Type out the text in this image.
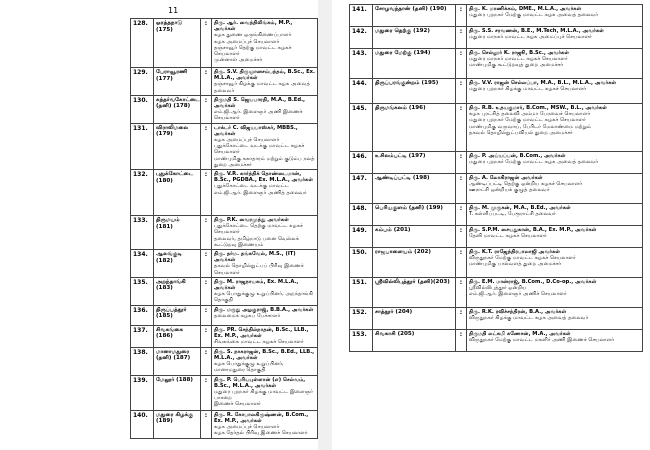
11
128.	ஒரத்தநாடு (175)	:	திரு. ஆர். வைத்திலிங்கம், M.P., அவர்கள்
கழக துணை ஒருங்கிணைப்பாளர்
கழக அமைப்புச் செயலாளர்
தஞ்சாவூர் தெற்கு மாவட்ட கழகச் செயலாளர்
முன்னாள் அமைச்சர்

129.	பேராவூரணி (177)	:	திரு. S.V. திருஞானசம்பந்தம், B.Sc., Ex. M.L.A., அவர்கள்
தஞ்சாவூர் கிழக்கு மாவட்ட கழக அவைத் தலைவர்

130.	கந்தர்வகோட்டை (தனி) (178)	:	திருமதி S. ஜெயபாரதி, M.A., B.Ed., அவர்கள்
எம்.ஜி.ஆர். இளைஞர் அணி இணைச் செயலாளர்

131.	விராலிமலை (179)	:	டாக்டர் C. விஜயபாஸ்கர், MBBS., அவர்கள்
கழக அமைப்புச் செயலாளர்
புதுக்கோட்டை வடக்கு மாவட்ட கழகச் செயலாளர்
மாண்புமிகு சுகாதாரம் மற்றும் குடும்ப நலத் துறை அமைச்சர்

132.	புதுக்கோட்டை (180)	:	திரு. V.R. கார்த்திக் தொண்டைமான், B.Sc., PGDBA., Ex. M.L.A., அவர்கள்
புதுக்கோட்டை வடக்கு மாவட்ட எம்.ஜி.ஆர். இளைஞர் அணித் தலைவர்

133.	திருமயம் (181)	:	திரு. P.K. வைரமுத்து அவர்கள்
புதுக்கோட்டை தெற்கு மாவட்ட கழகச் செயலாளர்
தலைவர், தமிழ்நாடு பனை வெல்லக் கூட்டுறவு இணையம்

134.	ஆலங்குடி (182)	:	திரு. தர்ம. தங்கவேல், M.S., (IT) அவர்கள்
தகவல் தொழில்நுட்பப் பிரிவு இணைச் செயலாளர்

135.	அறந்தாங்கி (183)	:	திரு. M. ராஜநாயகம், Ex. M.L.A., அவர்கள்
கழக பொதுக்குழு உறுப்பினர், அறந்தாங்கி தொகுதி

136.	திருப்பத்தூர் (185)	:	திரு. மருது அழகுராஜ், B.B.A., அவர்கள்
தலைமைக் கழகப் பேச்சாளர்

137.	சிவகங்கை (186)	:	திரு. PR. செந்தில்நாதன், B.Sc., LLB., Ex. M.P., அவர்கள்
சிவகங்கை மாவட்ட கழகச் செயலாளர்

138.	மானாமதுரை (தனி) (187)	:	திரு. S. நாகராஜன், B.Sc., B.Ed., LLB., M.L.A., அவர்கள்
கழக பொதுக்குழு உறுப்பினர், மானாமதுரை தொகுதி

139.	மேலூர் (188)	:	திரு. P. பெரியபுள்ளான் (எ) செல்வம், B.Sc., M.L.A., அவர்கள்
மதுரை புறநகர் கிழக்கு மாவட்ட இளைஞர் பாசறை
இணைச் செயலாளர்

140.	மதுரை கிழக்கு (189)	:	திரு. R. கோபாலகிருஷ்ணன், B.Com., Ex. M.P., அவர்கள்
கழக அமைப்புச் செயலாளர்
கழக தேர்தல் பிரிவு இணைச் செயலாளர்
141.	சோழவந்தான் (தனி) (190)	:	திரு. K. மாணிக்கம், DME., M.L.A., அவர்கள்
மதுரை புறநகர் மேற்கு மாவட்ட கழக அவைத் தலைவர்

142.	மதுரை தெற்கு (192)	:	திரு. S.S. சரவணன், B.E., M.Tech, M.L.A., அவர்கள்
மதுரை மாநகர் மாவட்ட கழக அமைப்புச் செயலாளர்

143.	மதுரை மேற்கு (194)	:	திரு. செல்லூர் K. ராஜூ, B.Sc., அவர்கள்
மதுரை மாநகர் மாவட்ட கழகச் செயலாளர்
மாண்புமிகு கூட்டுறவுத் துறை அமைச்சர்

144.	திருப்பரங்குன்றம் (195)	:	திரு. V.V. ராஜன் செல்லப்பா, M.A., B.L., M.L.A., அவர்கள்
மதுரை புறநகர் கிழக்கு மாவட்ட கழகச் செயலாளர்

145.	திருமங்கலம் (196)	:	திரு. R.B. உதயகுமார், B.Com., MSW., B.L., அவர்கள்
கழக புரட்சித் தலைவி அம்மா பேரவைச் செயலாளர்
மதுரை புறநகர் மேற்கு மாவட்ட கழகச் செயலாளர்
மாண்புமிகு வருவாய், பேரிடர் மேலாண்மை மற்றும்
தகவல் தொழில்நுட்பவியல் துறை அமைச்சர்

146.	உசிலம்பட்டி (197)	:	திரு. P. அய்யப்பன், B.Com., அவர்கள்
மதுரை புறநகர் மேற்கு மாவட்ட கழக அவைத் தலைவர்

147.	ஆண்டிப்பட்டி (198)	:	திரு. A. லோகிராஜன் அவர்கள்
ஆண்டிப்பட்டி தெற்கு ஒன்றிய கழகச் செயலாளர்
ஊராட்சி ஒன்றியக் குழுத் தலைவர்

148.	பெரியகுளம் (தனி) (199)	:	திரு. M. முருகன், M.A., B.Ed., அவர்கள்
T. கள்ளிப்பட்டி, பேரூராட்சி தலைவர்

149.	கம்பம் (201)	:	திரு. S.P.M. சையதுகான், B.A., Ex. M.P., அவர்கள்
தேனி மாவட்ட கழகச் செயலாளர்

150.	ராஜபாளையம் (202)	:	திரு. K.T. ராஜேந்திரபாலாஜி அவர்கள்
விருதுநகர் மேற்கு மாவட்ட கழகச் செயலாளர்
மாண்புமிகு பால்வளத் துறை அமைச்சர்

151.	ஸ்ரீவில்லிபுத்தூர் (தனி)(203)	:	திரு. E.M. மான்ராஜ், B.Com., D.Co-op., அவர்கள்
ஸ்ரீவில்லிபுத்தூர் ஒன்றிய
எம்.ஜி.ஆர். இளைஞர் அணிச் செயலாளர்

152.	சாத்தூர் (204)	:	திரு. R.K. ரவிச்சந்திரன், B.A., அவர்கள்
விருதுநகர் கிழக்கு மாவட்ட கழக அவைத் தலைவர்

153.	சிவகாசி (205)	:	திருமதி லட்சுமி கணேசன், M.A., அவர்கள்
விருதுநகர் மேற்கு மாவட்ட மகளிர் அணி இணைச் செயலாளர்
